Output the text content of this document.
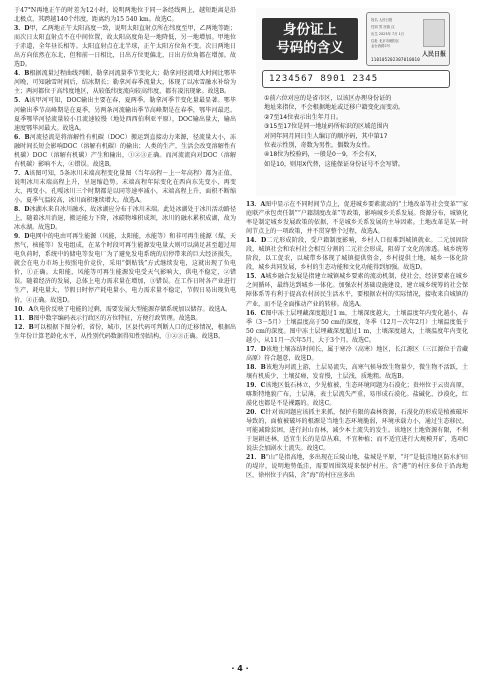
于47°N再地正午的时差为12小时，说明两地位于同一条经线两上，越短距离是沿北极点，其跨越140个纬度，距离约为15 540 km。故选C。

3．D甲，乙两地正午太阳高度一致，说明太阳直射点所在纬度至甲，乙两地等距；而次日太阳直射点不在中间位置，故太阳高度角是一地降低，另一地增加。甲地位于赤道，全年昼长相等。太阳直射点在北半球，正午太阳方位角不变。次日两地日出方向依然在东北，但和前一日相比，日出方位更偏北，日出方位角都在增加。故选D。

4．B根据流量过程曲线判断，勒拿河流量季节变化大；勒拿河径流增大时间比鄂毕河晚，可知融雪时间后，结冰期长；勒拿河春季流量大，体现了以冰雪融水补给为主；两河都位于高纬度地区，从较低纬度流向较高纬度，都有凌汛现象。故选B。

5．A该甲河可知，DOC输出主要在春，夏两季。勒拿河季节变化量最显著。鄂毕河输出季节高峰期是在夏季，另两条河流输出季节高峰期是在春季，鄂毕河最迟。夏季鄂毕河径流量较小且流速较慢（地处西西伯利亚平原），DOC输出量大，输出速度鄂毕河最大。故选A。

6．B河流径流是将溶解性有机碳（DOC）搬运到直接动力来源，径流量大小，冻融时间长短会影响DOC（溶解有机碳）的输出；人类的生产，生活会改变溶解性有机碳）DOC（溶解有机碳）产生和输出，①②③正确。而河流流向对DOC（溶解有机碳）影响不大，④错误。故选B。

7．A该图可知，5条冰川末端高程变化量图（当年高程－上一年高程）都为正值，说明冰川末端高程上升，呈退缩趋势。末端高程年际变化在西向东先变小，再变大，再变小。孔嘎冰川三个时期都是以同等速率减小，末端高程上升，面积不断缩小。夏季气温较高，冰川面积继续增大。故选A。

8．D冰湖水来自冰川融水，故冰湖应分布于冰川末端。此处冰湖处于冰川活动路径上，随着冰川消退，搬运能力下降，冰碛物堆积成坝，冰川的融水累积成湖，故为冰水湖。故选D。

9．D电网中的电由可再生能源（风能，太阳能，水能等）和非可再生能源（煤，天然气，核能等）发电组成，在某个时段可再生能源发电量大则可以满足甚至超过用电负荷时，系统中的储电等发电厂为了避免发电系统的启停带来的巨大经济损失，就会在电力市场上按照电价竞价，采用“倒贴钱”方式继续发电，这就出现了负电价，①正确。太阳能，风能等可再生能源发电受天气影响大，供电不稳定，②错误。随着经济的发展，总体上电力需求量在增加，③错误。在工作日时各产业进行生产，耗电量大，节假日时停产耗电量小，电力需求量不稳定，节假日易出现负电价，④正确。故选D。

10．A负电价反映了电能的过剩，需要发展大型能源存储系统加以储存。故选A。

11．B图中数字编码表示行政区的方位特征，方便行政管理。故选B。

12．B可以根据下图分析，省份，城市，区县代码可判断人口的迁移情况，根据出生年份计算老龄化水平，从性别代码数据得知性别结构，①②③正确。故选B。

身份证上
号码的含义
姓名 人民日报
性别 男 民族 汉
出生 2023年 7月 1日
住址 北京市朝阳区
金台西路2号
人民日报
110105202307010010
1234567 8901 2345
①前六位对应的是省市区，以该区办理身份证的
地址来指位，不会根据地址或迁移户籍变化而变动。
②7至14位表示出生年月日。
③15至17位是同一地址码所标识的区域范围内
对同年同月同日生人编订的顺序码，其中第17
位表示性别，奇数为男性，偶数为女性。
④18位为校验码，一般是0－9，不会有X，
如是10，则用X代替，这能保证身份证号不会写错。

13．A图中显示在不同时间节点上，促进城乡要素流动的“土地改革等社会变革”“家庭联产承包责任制”“户籍制度改革”等政策，影响城乡关系发展。资源分布，城镇化率是制定城乡发展政策的依据，不是城乡关系发展的主导因素。土地改革是某一时间节点上的一项政策，并不贯穿整个过程，故选A。

14．D二元形成阶段，受户籍制度影响，乡村人口很难到城镇就业。二元加固阶段，城镇社会和农村社会相互分割的二元社会形成，阻碍了文化的渗透。城乡统筹阶段，以工促农，以城带乡体现了城镇提供资金，乡村提供土地，城乡一体化阶段，城乡共同发展，乡村的生态功能和文化功能得到加强。故选D。

15．A城乡融合发展是指建立城镇城乡要素的流动机制，使社会，经济要素在城乡之间循环，最终达到城乡一体化。加强农村基础设施建设，建立城乡统筹的社会保障体系等有利于提高农村居民生活水平，要根据农村的实际情况，接收来自城镇的产业，而不是全面推动产业的转移。故选A。

16．C图中冻土层埋藏深度超过1 m，土壤深度越大，土壤温度年内变化越小，春季（3－5月）土壤温度高于50 cm的深度，冬季（12月～次年2月）土壤温度低于50 cm的深度。图中冻土层埋藏深度超过1 m，土壤深度越大，土壤温度年内变化越小，从11月一次年5月，大于3个月。故选C。

17．D该地土壤冻结时间长，属于寒冷（高寒）地区，长江源区（三江源位于青藏高原）符合题意，故选D。

18．B该地为河流上游，土层易流失，高寒气候导致生物量少，微生物不活跃，土壤有机质少，土壤贫瘠，发育慢，土层浅，质地粗。故选B。

19．C该地区低石林立，少见植被，生态环境问题为石漠化；贵州位于云贵高原，喀斯特地貌广布，土层薄，表土层流失严重，易形成石漠化。盐碱化，沙漠化，红漠化也都是不是裸露的。故选C。

20．C针对该问题应该抓主来抓，保护有限的森林资源，石漠化的形成是植被破坏导致的，面植被破坏的根源是当地生态环境脆弱，环境承载力小，通过生态移民，可能减除贫困，进行封山育林，减少本土流失的发生。该地区土地资源有限，不利于退耕还林，适宜生长的是草丛难，不宜种植；而不适宜进行大规模开矿，选项C说法会加剧水土流失。故选C。

21．B“山”是指高地，多出现在丘陵山地，盐城是平原，“圩”是低洼地区防水护田的堤岸，说明地势低洼，需要周围筑堤来保护村庄。含“港”的村庄多位于沿海地区，徐州位于内陆，含“海”的村庄应多出

· 4 ·
